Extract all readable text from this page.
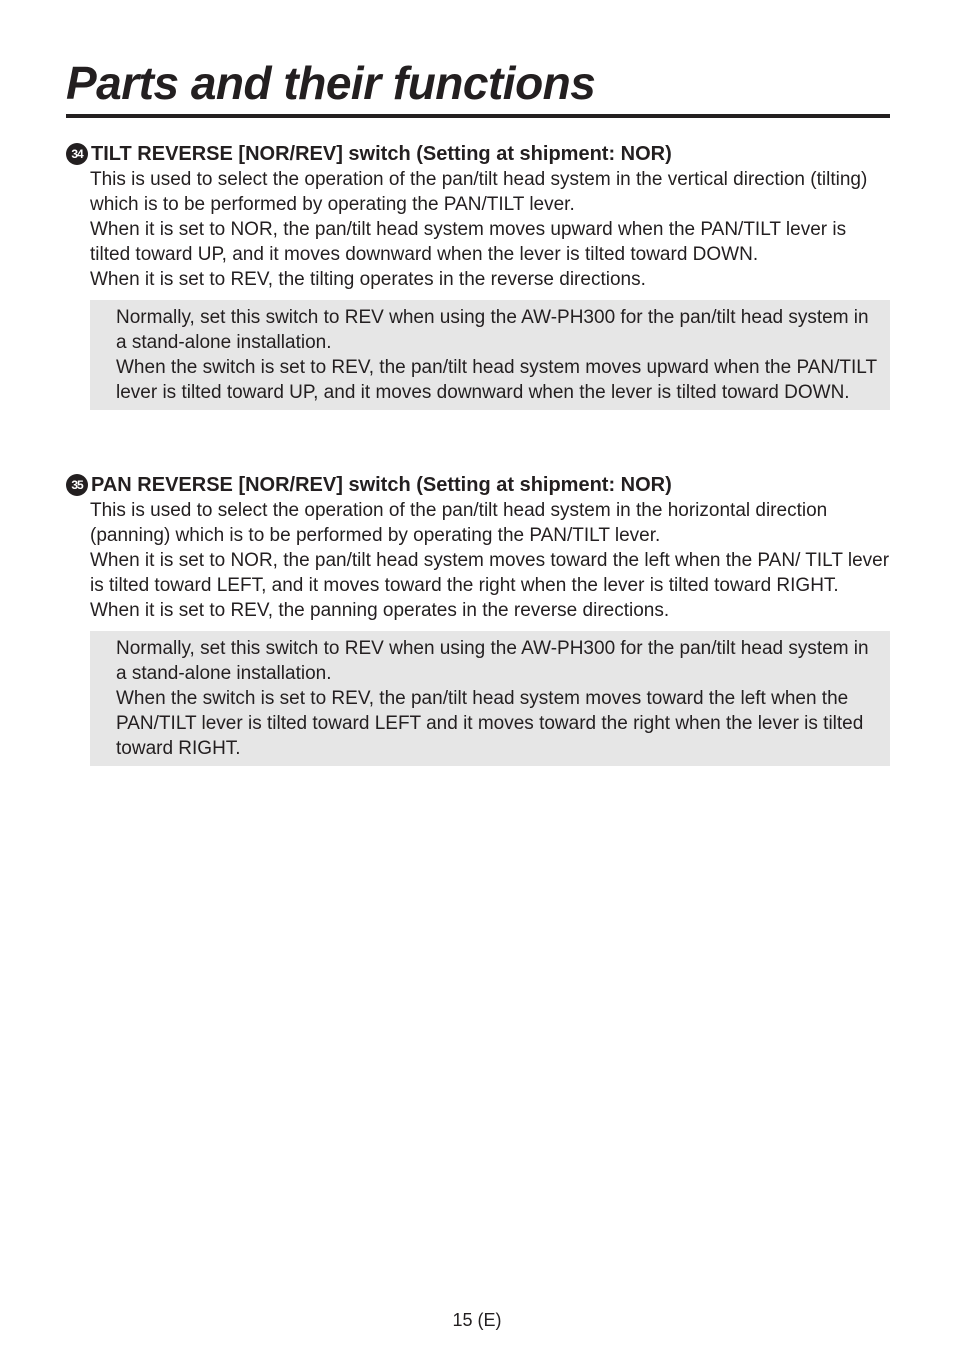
Parts and their functions
34 TILT REVERSE [NOR/REV] switch (Setting at shipment: NOR)

This is used to select the operation of the pan/tilt head system in the vertical direction (tilting) which is to be performed by operating the PAN/TILT lever.

When it is set to NOR, the pan/tilt head system moves upward when the PAN/TILT lever is tilted toward UP, and it moves downward when the lever is tilted toward DOWN.

When it is set to REV, the tilting operates in the reverse directions.

Normally, set this switch to REV when using the AW-PH300 for the pan/tilt head system in a stand-alone installation.

When the switch is set to REV, the pan/tilt head system moves upward when the PAN/TILT lever is tilted toward UP, and it moves downward when the lever is tilted toward DOWN.

35 PAN REVERSE [NOR/REV] switch (Setting at shipment: NOR)

This is used to select the operation of the pan/tilt head system in the horizontal direction (panning) which is to be performed by operating the PAN/TILT lever.

When it is set to NOR, the pan/tilt head system moves toward the left when the PAN/ TILT lever is tilted toward LEFT, and it moves toward the right when the lever is tilted toward RIGHT. When it is set to REV, the panning operates in the reverse directions.

Normally, set this switch to REV when using the AW-PH300 for the pan/tilt head system in a stand-alone installation.

When the switch is set to REV, the pan/tilt head system moves toward the left when the PAN/TILT lever is tilted toward LEFT and it moves toward the right when the lever is tilted toward RIGHT.

15 (E)
